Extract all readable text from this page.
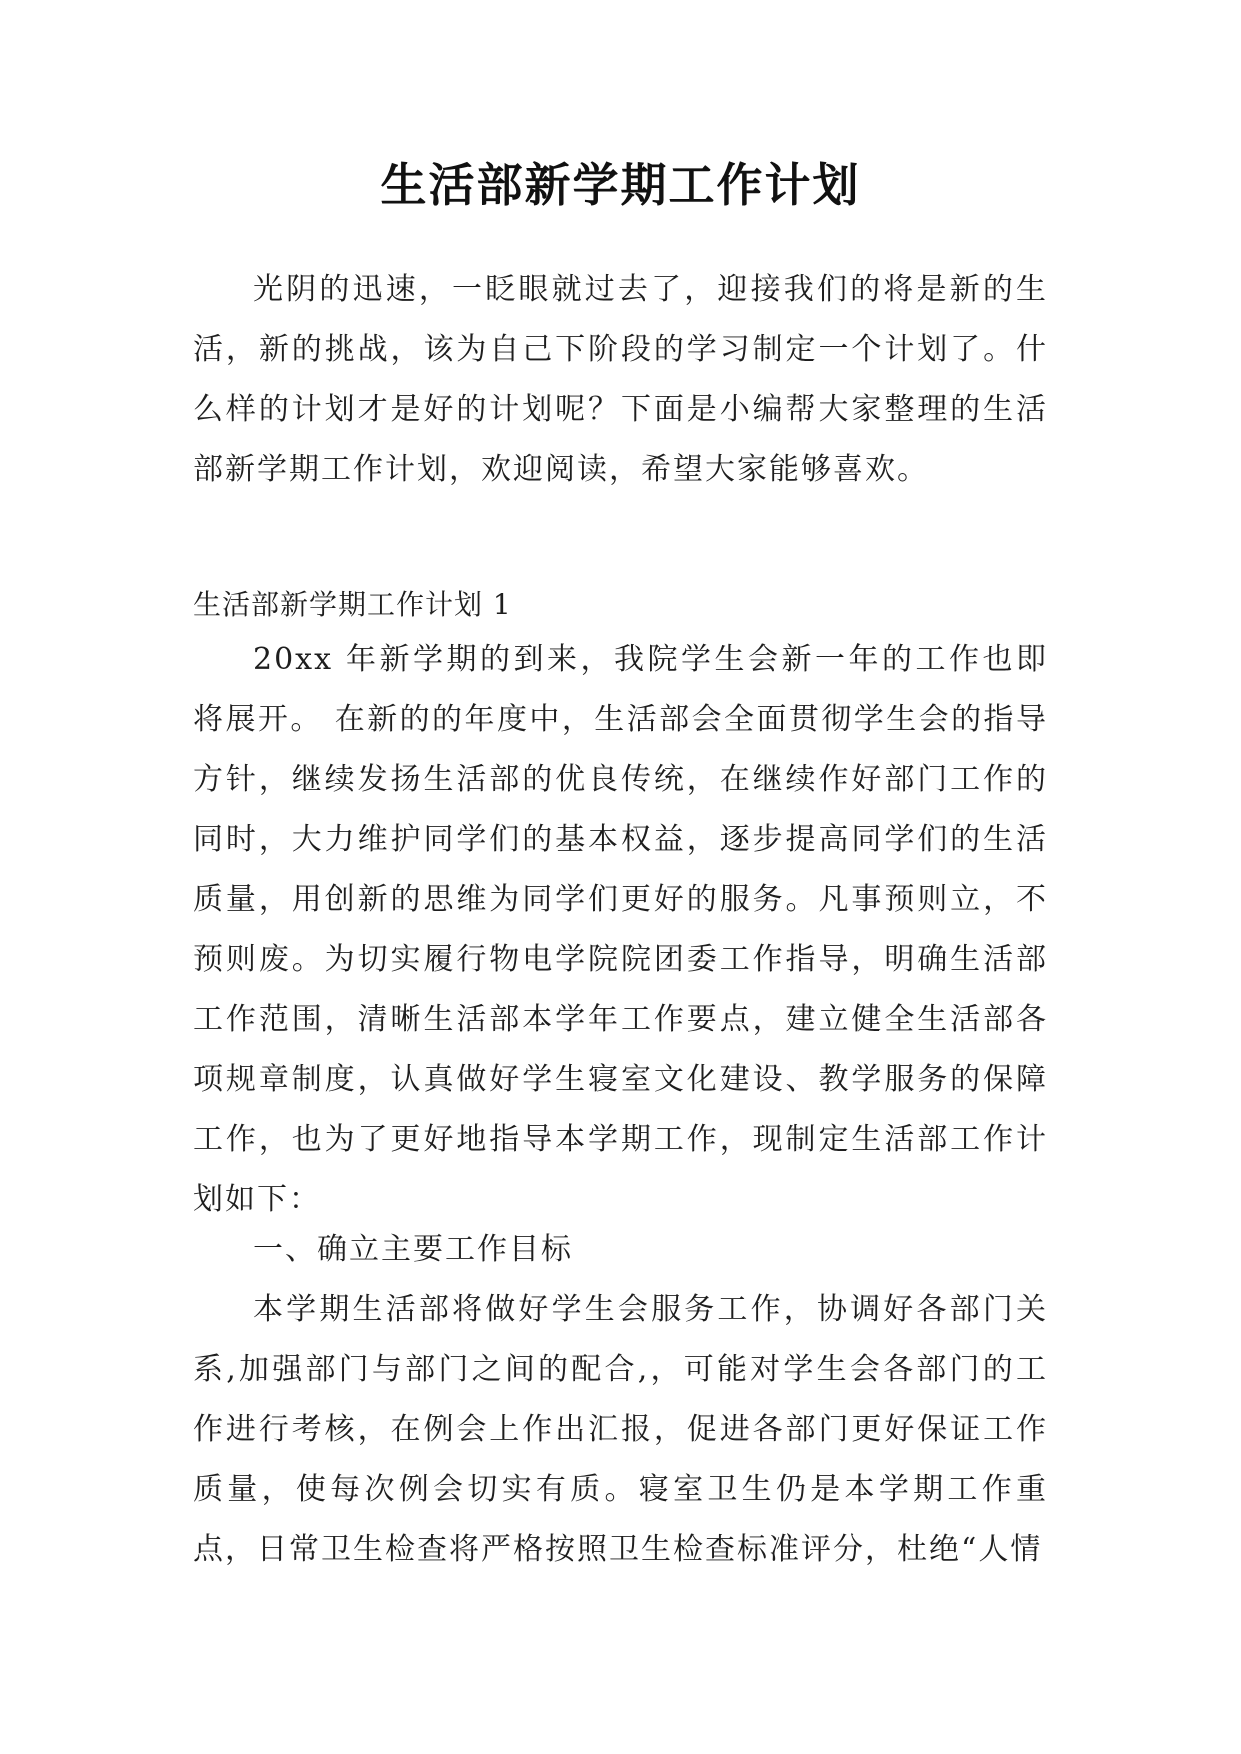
生活部新学期工作计划

光阴的迅速，一眨眼就过去了，迎接我们的将是新的生活，新的挑战，该为自己下阶段的学习制定一个计划了。什么样的计划才是好的计划呢？下面是小编帮大家整理的生活部新学期工作计划，欢迎阅读，希望大家能够喜欢。

生活部新学期工作计划 1

20xx 年新学期的到来，我院学生会新一年的工作也即将展开。 在新的的年度中，生活部会全面贯彻学生会的指导方针，继续发扬生活部的优良传统，在继续作好部门工作的同时，大力维护同学们的基本权益，逐步提高同学们的生活质量，用创新的思维为同学们更好的服务。凡事预则立，不预则废。为切实履行物电学院院团委工作指导，明确生活部工作范围，清晰生活部本学年工作要点，建立健全生活部各项规章制度，认真做好学生寝室文化建设、教学服务的保障工作，也为了更好地指导本学期工作，现制定生活部工作计划如下：

一、确立主要工作目标

本学期生活部将做好学生会服务工作，协调好各部门关系,加强部门与部门之间的配合,，可能对学生会各部门的工作进行考核，在例会上作出汇报，促进各部门更好保证工作质量，使每次例会切实有质。寝室卫生仍是本学期工作重点，日常卫生检查将严格按照卫生检查标准评分，杜绝“人情
